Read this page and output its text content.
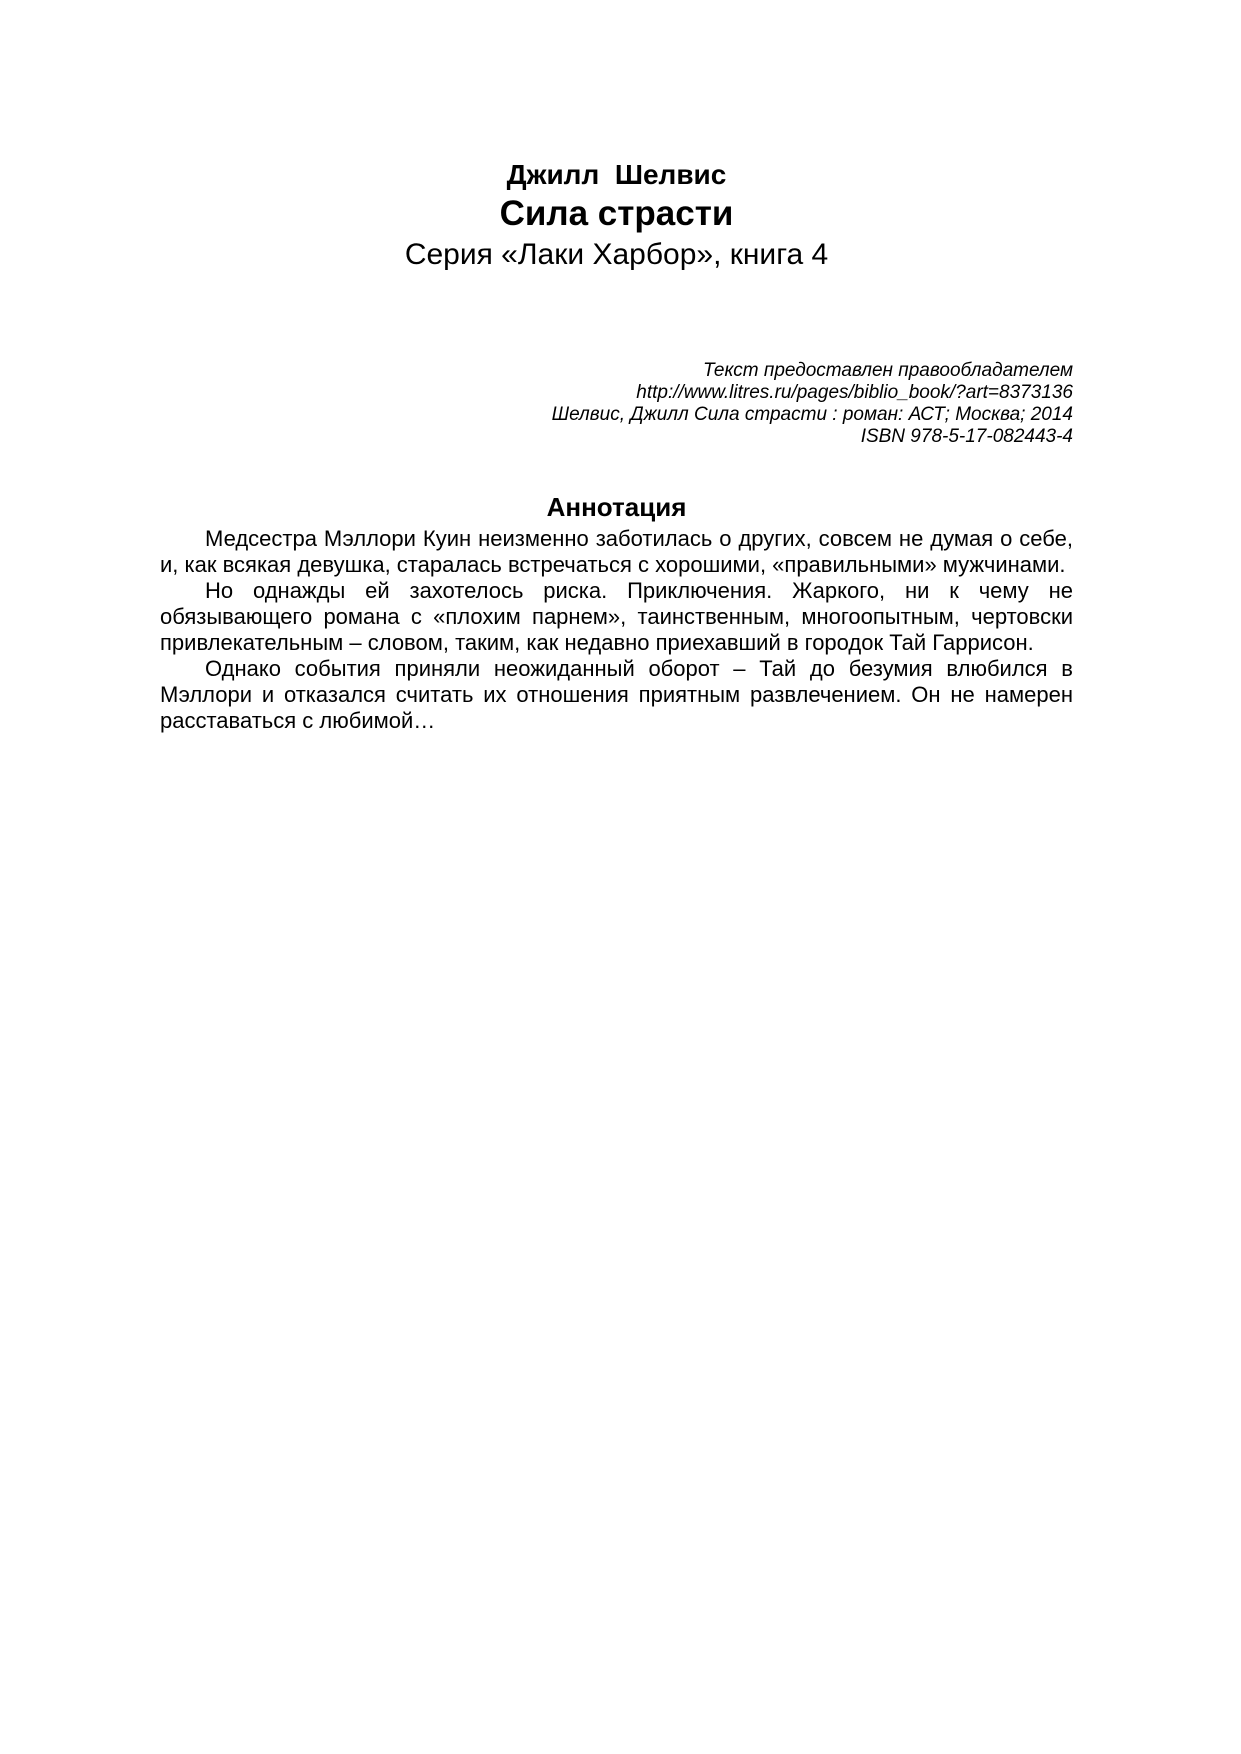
Джилл  Шелвис
Сила страсти
Серия «Лаки Харбор», книга 4
Текст предоставлен правообладателем
http://www.litres.ru/pages/biblio_book/?art=8373136
Шелвис, Джилл Сила страсти : роман: АСТ; Москва; 2014
ISBN 978-5-17-082443-4
Аннотация

Медсестра Мэллори Куин неизменно заботилась о других, совсем не думая о себе, и, как всякая девушка, старалась встречаться с хорошими, «правильными» мужчинами.

Но однажды ей захотелось риска. Приключения. Жаркого, ни к чему не обязывающего романа с «плохим парнем», таинственным, многоопытным, чертовски привлекательным – словом, таким, как недавно приехавший в городок Тай Гаррисон.

Однако события приняли неожиданный оборот – Тай до безумия влюбился в Мэллори и отказался считать их отношения приятным развлечением. Он не намерен расставаться с любимой…
